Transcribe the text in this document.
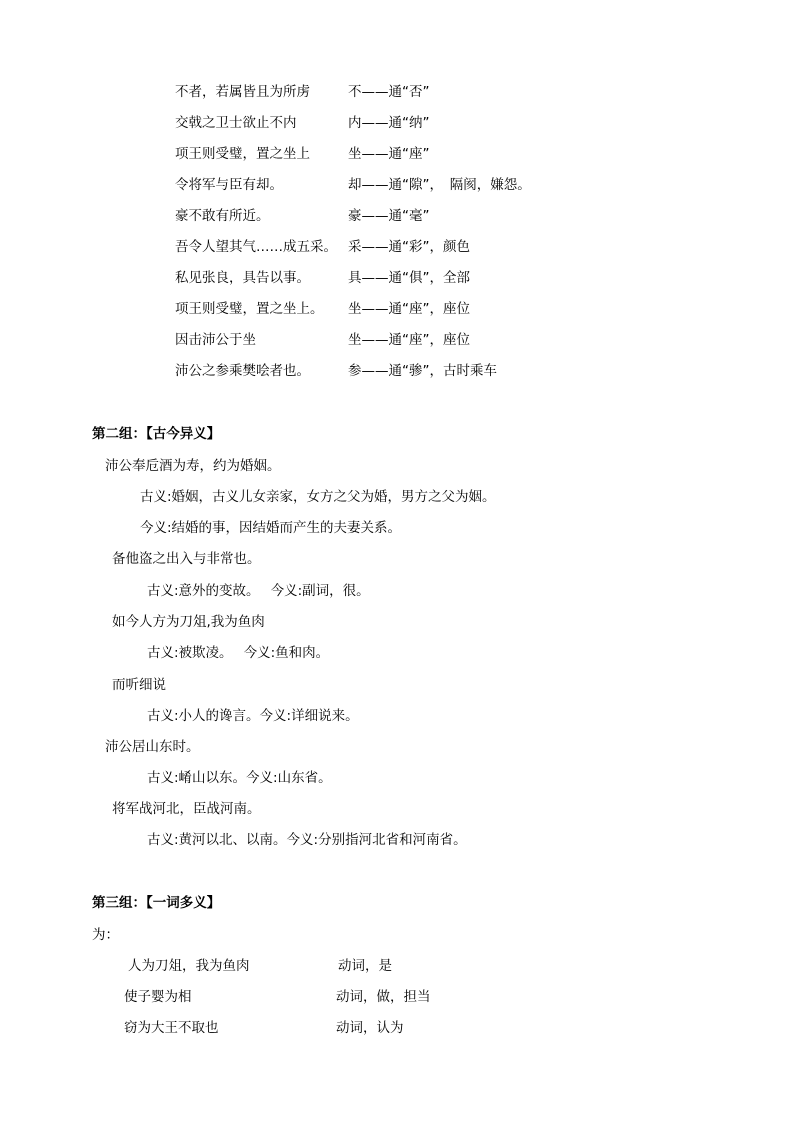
不者，若属皆且为所虏	不——通“否”
交戟之卫士欲止不内	内——通“纳”
项王则受璧，置之坐上	坐——通“座”
令将军与臣有却。	却——通“隙”，　隔阂，嫌怨。
豪不敢有所近。	豪——通“毫”
吾令人望其气……成五采。 采——通“彩”，颜色
私见张良，具告以事。	具——通“俱”，全部
项王则受璧，置之坐上。 坐——通“座”，座位
因击沛公于坐	坐——通“座”，座位
沛公之参乘樊哙者也。	参——通“骖”，古时乘车
第二组：【古今异义】
沛公奉卮酒为寿，约为婚姻。
古义:婚姻，古义儿女亲家，女方之父为婚，男方之父为姻。
今义:结婚的事，因结婚而产生的夫妻关系。
备他盗之出入与非常也。
古义:意外的变故。　 今义:副词，很。
如今人方为刀俎,我为鱼肉
古义:被欺凌。　 今义:鱼和肉。
而听细说
古义:小人的谗言。今义:详细说来。
沛公居山东时。
古义:崤山以东。今义:山东省。
将军战河北，臣战河南。
古义:黄河以北、以南。今义:分别指河北省和河南省。
第三组：【一词多义】
为：
人为刀俎，我为鱼肉	动词，是
使子婴为相	动词，做，担当
窃为大王不取也	动词，认为
